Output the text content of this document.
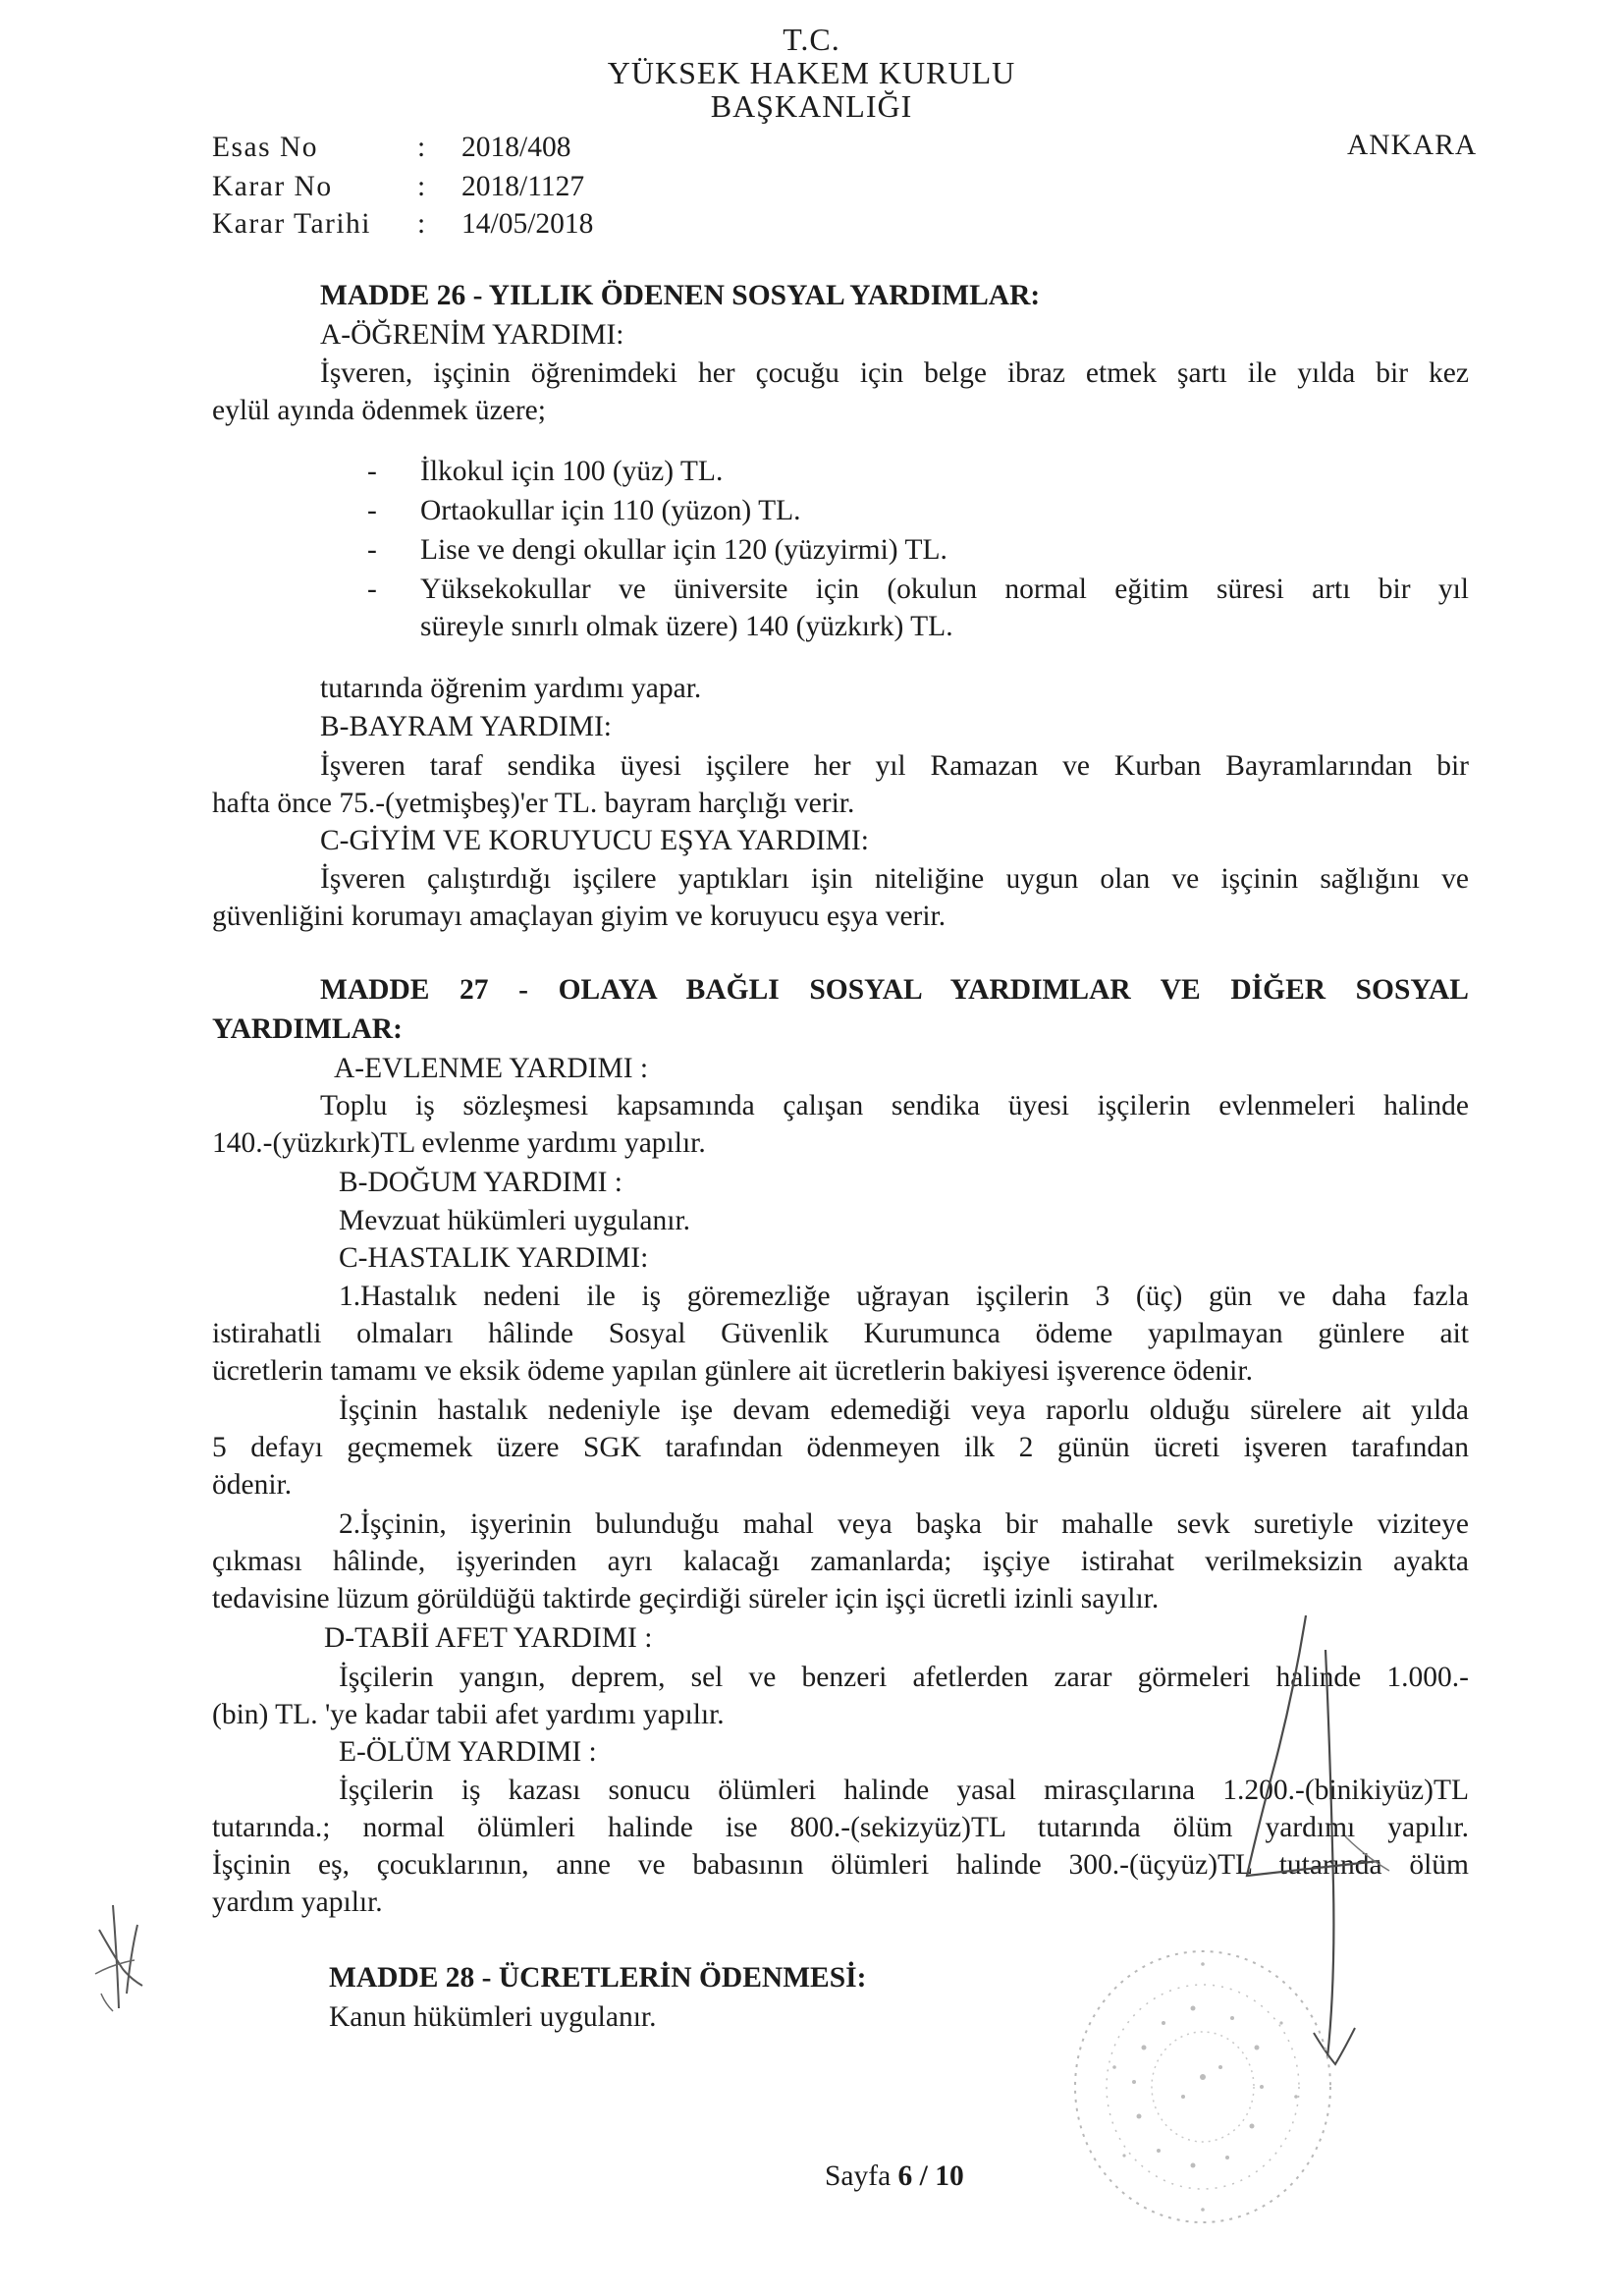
T.C.
YÜKSEK HAKEM KURULU
BAŞKANLIĞI
ANKARA
Esas No	: 2018/408
Karar No	: 2018/1127
Karar Tarihi : 14/05/2018
MADDE 26 - YILLIK ÖDENEN SOSYAL YARDIMLAR:
A-ÖĞRENİM YARDIMI:
İşveren, işçinin öğrenimdeki her çocuğu için belge ibraz etmek şartı ile yılda bir kez
eylül ayında ödenmek üzere;
- İlkokul için 100 (yüz) TL.
- Ortaokullar için 110 (yüzon) TL.
- Lise ve dengi okullar için 120 (yüzyirmi) TL.
- Yüksekokullar ve üniversite için (okulun normal eğitim süresi artı bir yıl
süreyle sınırlı olmak üzere) 140 (yüzkırk) TL.
tutarında öğrenim yardımı yapar.
B-BAYRAM YARDIMI:
İşveren taraf sendika üyesi işçilere her yıl Ramazan ve Kurban Bayramlarından bir
hafta önce 75.-(yetmişbeş)'er TL. bayram harçlığı verir.
C-GİYİM VE KORUYUCU EŞYA YARDIMI:
İşveren çalıştırdığı işçilere yaptıkları işin niteliğine uygun olan ve işçinin sağlığını ve
güvenliğini korumayı amaçlayan giyim ve koruyucu eşya verir.
MADDE 27 - OLAYA BAĞLI SOSYAL YARDIMLAR VE DİĞER SOSYAL
YARDIMLAR:
A-EVLENME YARDIMI :
Toplu iş sözleşmesi kapsamında çalışan sendika üyesi işçilerin evlenmeleri halinde
140.-(yüzkırk)TL evlenme yardımı yapılır.
B-DOĞUM YARDIMI :
Mevzuat hükümleri uygulanır.
C-HASTALIK YARDIMI:
1.Hastalık nedeni ile iş göremezliğe uğrayan işçilerin 3 (üç) gün ve daha fazla
istirahatli olmaları hâlinde Sosyal Güvenlik Kurumunca ödeme yapılmayan günlere ait
ücretlerin tamamı ve eksik ödeme yapılan günlere ait ücretlerin bakiyesi işverence ödenir.
İşçinin hastalık nedeniyle işe devam edemediği veya raporlu olduğu sürelere ait yılda
5 defayı geçmemek üzere SGK tarafından ödenmeyen ilk 2 günün ücreti işveren tarafından
ödenir.
2.İşçinin, işyerinin bulunduğu mahal veya başka bir mahalle sevk suretiyle viziteye
çıkması hâlinde, işyerinden ayrı kalacağı zamanlarda; işçiye istirahat verilmeksizin ayakta
tedavisine lüzum görüldüğü taktirde geçirdiği süreler için işçi ücretli izinli sayılır.
D-TABİİ AFET YARDIMI :
İşçilerin yangın, deprem, sel ve benzeri afetlerden zarar görmeleri halinde 1.000.-
(bin) TL. 'ye kadar tabii afet yardımı yapılır.
E-ÖLÜM YARDIMI :
İşçilerin iş kazası sonucu ölümleri halinde yasal mirasçılarına 1.200.-(binikiyüz)TL
tutarında.; normal ölümleri halinde ise 800.-(sekizyüz)TL tutarında ölüm yardımı yapılır.
İşçinin eş, çocuklarının, anne ve babasının ölümleri halinde 300.-(üçyüz)TL tutarında ölüm
yardım yapılır.
MADDE 28 - ÜCRETLERİN ÖDENMESİ:
Kanun hükümleri uygulanır.
Sayfa 6 / 10
